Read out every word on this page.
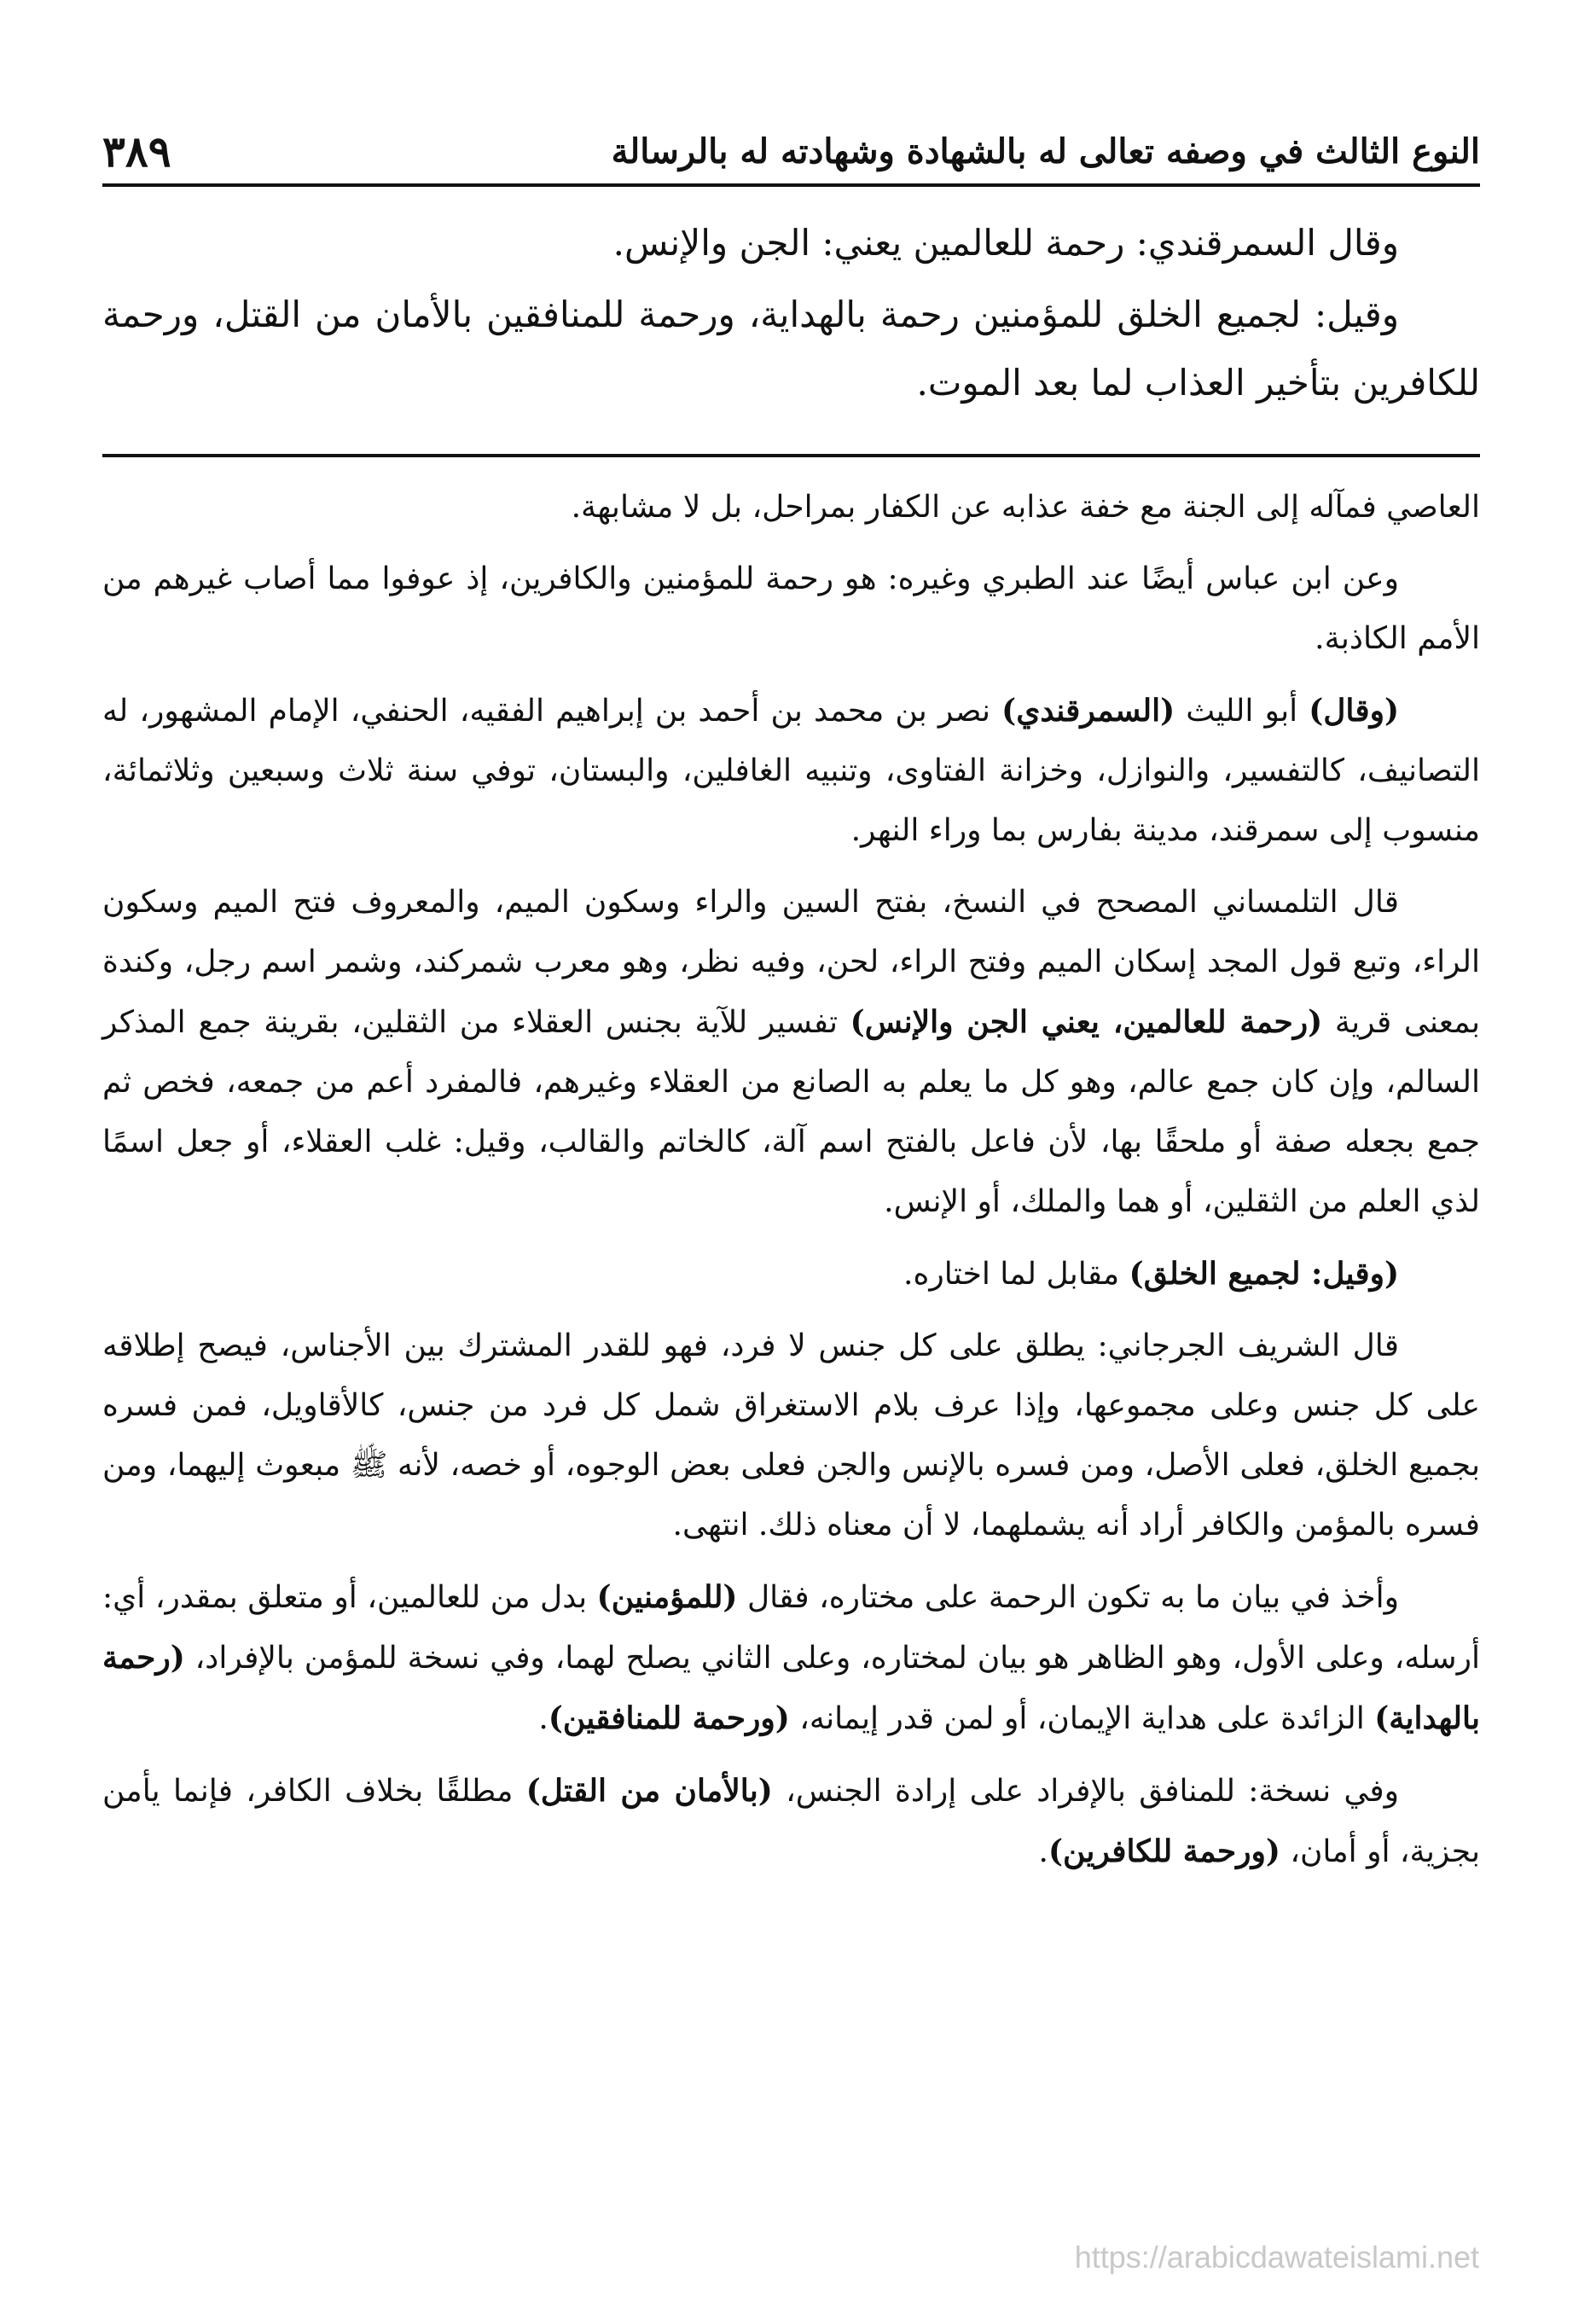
النوع الثالث في وصفه تعالى له بالشهادة وشهادته له بالرسالة
٣٨٩

وقال السمرقندي: رحمة للعالمين يعني: الجن والإنس.

وقيل: لجميع الخلق للمؤمنين رحمة بالهداية، ورحمة للمنافقين بالأمان من القتل، ورحمة للكافرين بتأخير العذاب لما بعد الموت.

العاصي فمآله إلى الجنة مع خفة عذابه عن الكفار بمراحل، بل لا مشابهة.

وعن ابن عباس أيضًا عند الطبري وغيره: هو رحمة للمؤمنين والكافرين، إذ عوفوا مما أصاب غيرهم من الأمم الكاذبة.

(وقال) أبو الليث (السمرقندي) نصر بن محمد بن أحمد بن إبراهيم الفقيه، الحنفي، الإمام المشهور، له التصانيف، كالتفسير، والنوازل، وخزانة الفتاوى، وتنبيه الغافلين، والبستان، توفي سنة ثلاث وسبعين وثلاثمائة، منسوب إلى سمرقند، مدينة بفارس بما وراء النهر.

قال التلمساني المصحح في النسخ، بفتح السين والراء وسكون الميم، والمعروف فتح الميم وسكون الراء، وتبع قول المجد إسكان الميم وفتح الراء، لحن، وفيه نظر، وهو معرب شمركند، وشمر اسم رجل، وكندة بمعنى قرية (رحمة للعالمين، يعني الجن والإنس) تفسير للآية بجنس العقلاء من الثقلين، بقرينة جمع المذكر السالم، وإن كان جمع عالم، وهو كل ما يعلم به الصانع من العقلاء وغيرهم، فالمفرد أعم من جمعه، فخص ثم جمع بجعله صفة أو ملحقًا بها، لأن فاعل بالفتح اسم آلة، كالخاتم والقالب، وقيل: غلب العقلاء، أو جعل اسمًا لذي العلم من الثقلين، أو هما والملك، أو الإنس.

(وقيل: لجميع الخلق) مقابل لما اختاره.

قال الشريف الجرجاني: يطلق على كل جنس لا فرد، فهو للقدر المشترك بين الأجناس، فيصح إطلاقه على كل جنس وعلى مجموعها، وإذا عرف بلام الاستغراق شمل كل فرد من جنس، كالأقاويل، فمن فسره بجميع الخلق، فعلى الأصل، ومن فسره بالإنس والجن فعلى بعض الوجوه، أو خصه، لأنه ﷺ مبعوث إليهما، ومن فسره بالمؤمن والكافر أراد أنه يشملهما، لا أن معناه ذلك. انتهى.

وأخذ في بيان ما به تكون الرحمة على مختاره، فقال (للمؤمنين) بدل من للعالمين، أو متعلق بمقدر، أي: أرسله، وعلى الأول، وهو الظاهر هو بيان لمختاره، وعلى الثاني يصلح لهما، وفي نسخة للمؤمن بالإفراد، (رحمة بالهداية) الزائدة على هداية الإيمان، أو لمن قدر إيمانه، (ورحمة للمنافقين).

وفي نسخة: للمنافق بالإفراد على إرادة الجنس، (بالأمان من القتل) مطلقًا بخلاف الكافر، فإنما يأمن بجزية، أو أمان، (ورحمة للكافرين).

https://arabicdawateislami.net
